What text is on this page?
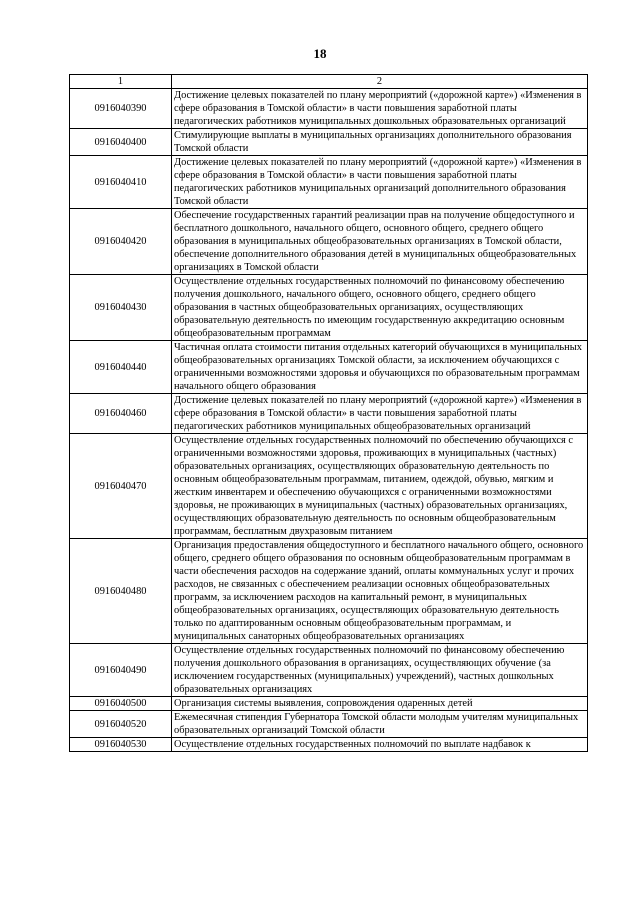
18
1	2
0916040390	Достижение целевых показателей по плану мероприятий («дорожной карте») «Изменения в сфере образования в Томской области» в части повышения заработной платы педагогических работников муниципальных дошкольных образовательных организаций
0916040400	Стимулирующие выплаты в муниципальных организациях дополнительного образования Томской области
0916040410	Достижение целевых показателей по плану мероприятий («дорожной карте») «Изменения в сфере образования в Томской области» в части повышения заработной платы педагогических работников муниципальных организаций дополнительного образования Томской области
0916040420	Обеспечение государственных гарантий реализации прав на получение общедоступного и бесплатного дошкольного, начального общего, основного общего, среднего общего образования в муниципальных общеобразовательных организациях в Томской области, обеспечение дополнительного образования детей в муниципальных общеобразовательных организациях в Томской области
0916040430	Осуществление отдельных государственных полномочий по финансовому обеспечению получения дошкольного, начального общего, основного общего, среднего общего образования в частных общеобразовательных организациях, осуществляющих образовательную деятельность по имеющим государственную аккредитацию основным общеобразовательным программам
0916040440	Частичная оплата стоимости питания отдельных категорий обучающихся в муниципальных общеобразовательных организациях Томской области, за исключением обучающихся с ограниченными возможностями здоровья и обучающихся по образовательным программам начального общего образования
0916040460	Достижение целевых показателей по плану мероприятий («дорожной карте») «Изменения в сфере образования в Томской области» в части повышения заработной платы педагогических работников муниципальных общеобразовательных организаций
0916040470	Осуществление отдельных государственных полномочий по обеспечению обучающихся с ограниченными возможностями здоровья, проживающих в муниципальных (частных) образовательных организациях, осуществляющих образовательную деятельность по основным общеобразовательным программам, питанием, одеждой, обувью, мягким и жестким инвентарем и обеспечению обучающихся с ограниченными возможностями здоровья, не проживающих в муниципальных (частных) образовательных организациях, осуществляющих образовательную деятельность по основным общеобразовательным программам, бесплатным двухразовым питанием
0916040480	Организация предоставления общедоступного и бесплатного начального общего, основного общего, среднего общего образования по основным общеобразовательным программам в части обеспечения расходов на содержание зданий, оплаты коммунальных услуг и прочих расходов, не связанных с обеспечением реализации основных общеобразовательных программ, за исключением расходов на капитальный ремонт, в муниципальных общеобразовательных организациях, осуществляющих образовательную деятельность только по адаптированным основным общеобразовательным программам, и муниципальных санаторных общеобразовательных организациях
0916040490	Осуществление отдельных государственных полномочий по финансовому обеспечению получения дошкольного образования в организациях, осуществляющих обучение (за исключением государственных (муниципальных) учреждений), частных дошкольных образовательных организациях
0916040500	Организация системы выявления, сопровождения одаренных детей
0916040520	Ежемесячная стипендия Губернатора Томской области молодым учителям муниципальных образовательных организаций Томской области
0916040530	Осуществление отдельных государственных полномочий по выплате надбавок к
